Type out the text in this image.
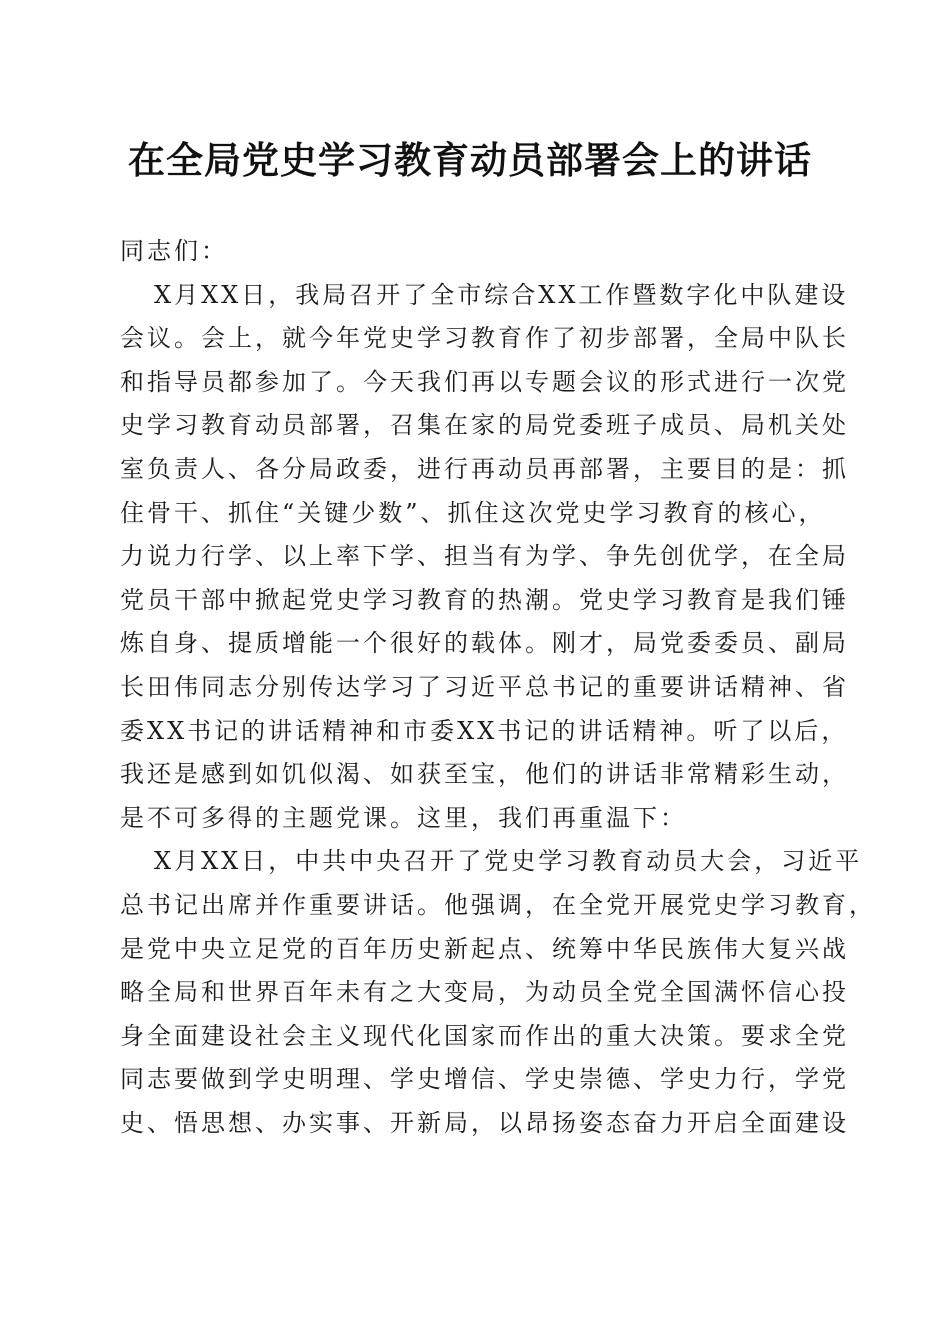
在全局党史学习教育动员部署会上的讲话

同志们：

X月XX日，我局召开了全市综合XX工作暨数字化中队建设

会议。会上，就今年党史学习教育作了初步部署，全局中队长

和指导员都参加了。今天我们再以专题会议的形式进行一次党

史学习教育动员部署，召集在家的局党委班子成员、局机关处

室负责人、各分局政委，进行再动员再部署，主要目的是：抓

住骨干、抓住“关键少数”、抓住这次党史学习教育的核心，

力说力行学、以上率下学、担当有为学、争先创优学，在全局

党员干部中掀起党史学习教育的热潮。党史学习教育是我们锤

炼自身、提质增能一个很好的载体。刚才，局党委委员、副局

长田伟同志分别传达学习了习近平总书记的重要讲话精神、省

委XX书记的讲话精神和市委XX书记的讲话精神。听了以后，

我还是感到如饥似渴、如获至宝，他们的讲话非常精彩生动，

是不可多得的主题党课。这里，我们再重温下：

X月XX日，中共中央召开了党史学习教育动员大会，习近平

总书记出席并作重要讲话。他强调，在全党开展党史学习教育，

是党中央立足党的百年历史新起点、统筹中华民族伟大复兴战

略全局和世界百年未有之大变局，为动员全党全国满怀信心投

身全面建设社会主义现代化国家而作出的重大决策。要求全党

同志要做到学史明理、学史增信、学史崇德、学史力行，学党

史、悟思想、办实事、开新局，以昂扬姿态奋力开启全面建设
